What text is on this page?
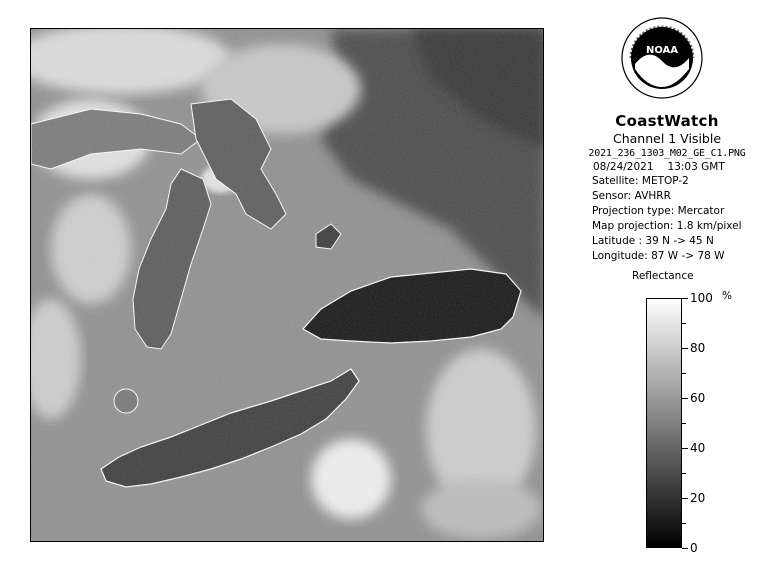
NOAA
CoastWatch
Channel 1 Visible
2021_236_1303_M02_GE_C1.PNG
08/24/2021 13:03 GMT
Satellite: METOP-2
Sensor: AVHRR
Projection type: Mercator
Map projection: 1.8 km/pixel
Latitude : 39 N -> 45 N
Longitude: 87 W -> 78 W
Reflectance
%
100
80
60
40
20
0
